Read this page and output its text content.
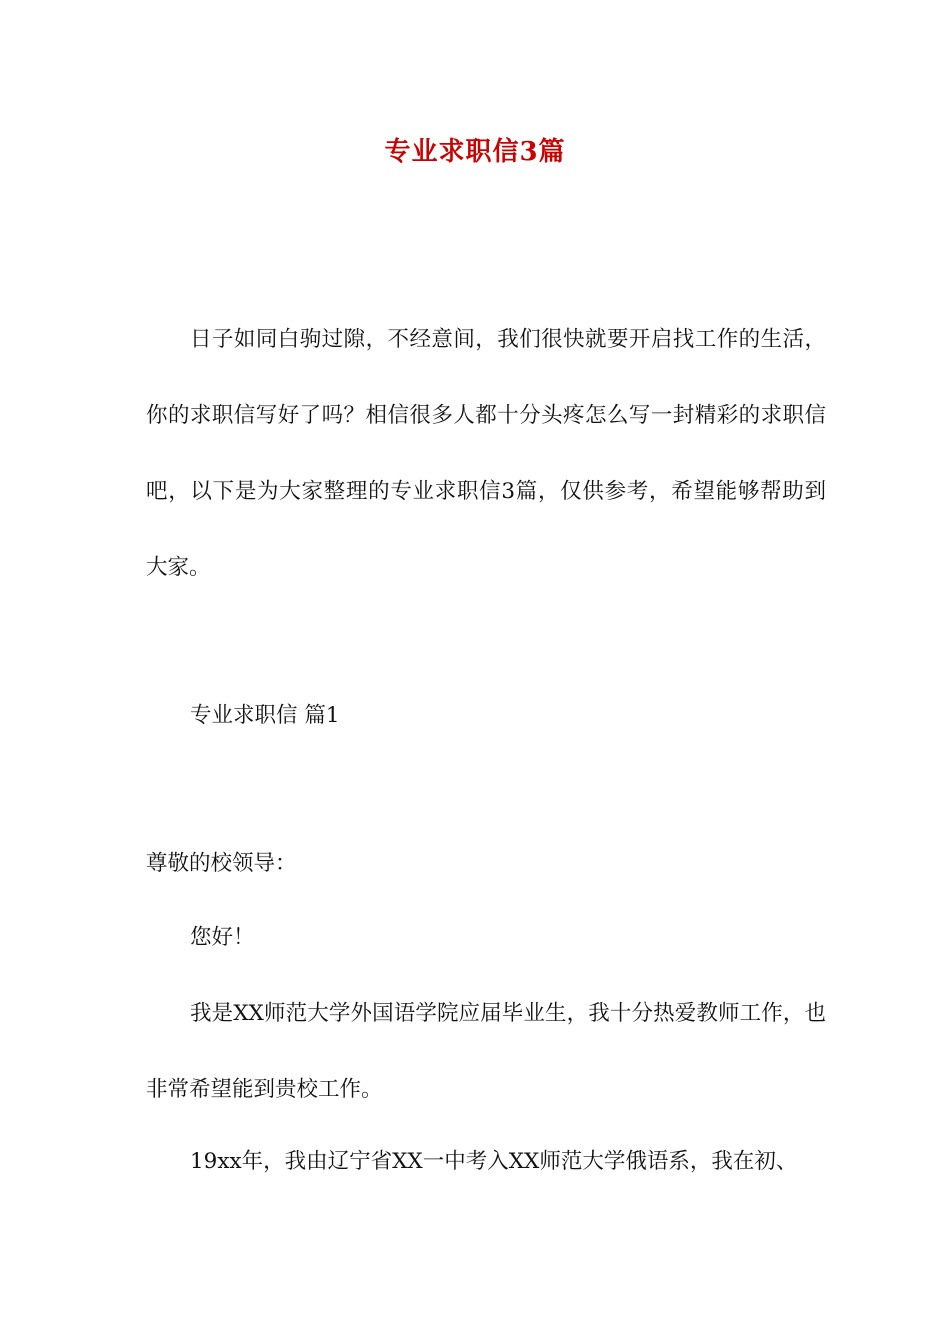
专业求职信3篇
日子如同白驹过隙，不经意间，我们很快就要开启找工作的生活，你的求职信写好了吗？相信很多人都十分头疼怎么写一封精彩的求职信吧，以下是为大家整理的专业求职信3篇，仅供参考，希望能够帮助到大家。
专业求职信 篇1
尊敬的校领导：
您好！
我是XX师范大学外国语学院应届毕业生，我十分热爱教师工作，也非常希望能到贵校工作。
19xx年，我由辽宁省XX一中考入XX师范大学俄语系，我在初、
